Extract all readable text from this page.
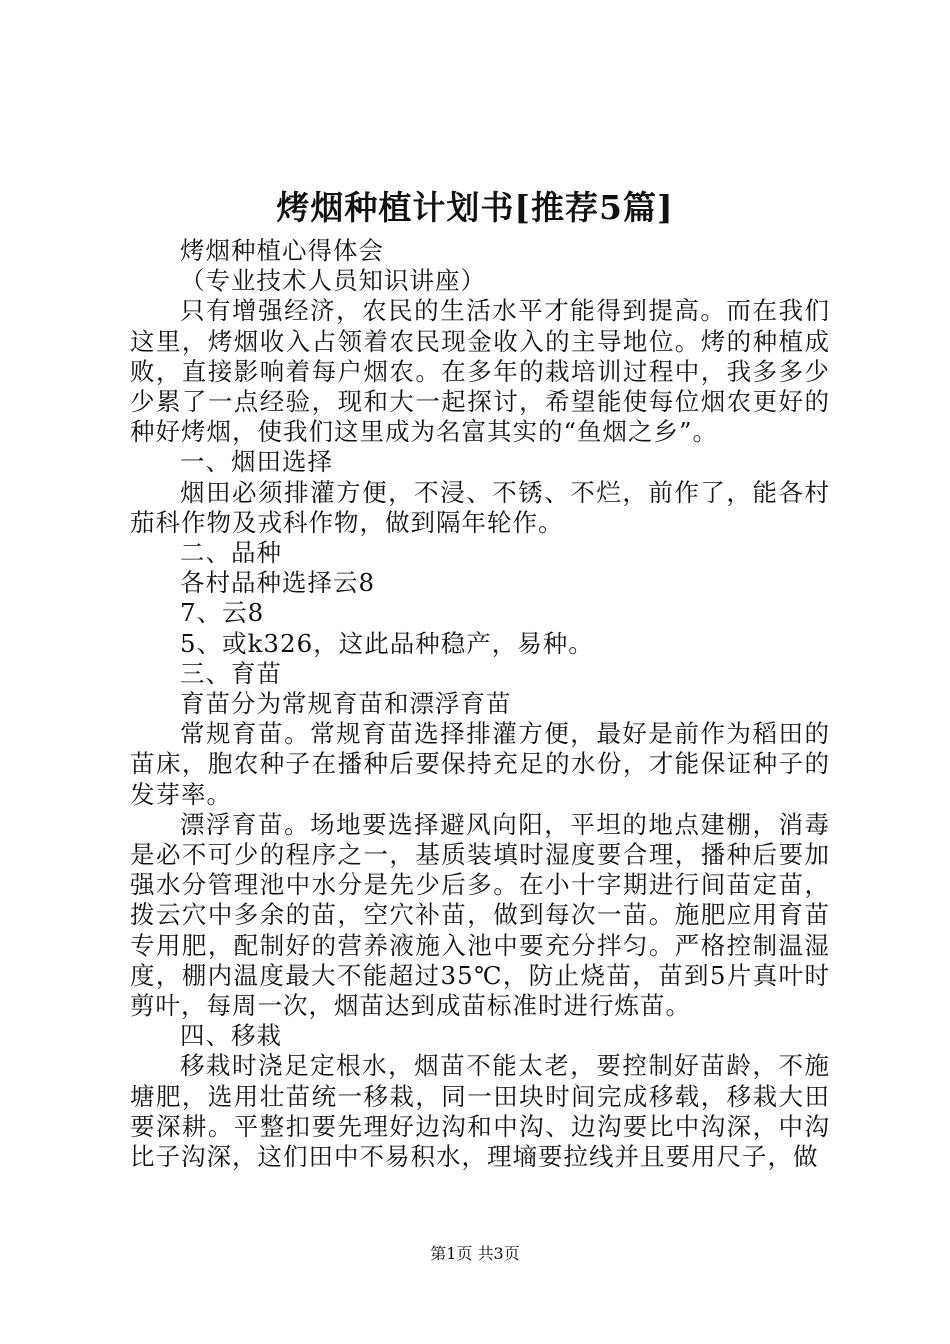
烤烟种植计划书[推荐5篇]

烤烟种植心得体会

（专业技术人员知识讲座）

只有增强经济，农民的生活水平才能得到提高。而在我们这里，烤烟收入占领着农民现金收入的主导地位。烤的种植成败，直接影响着每户烟农。在多年的栽培训过程中，我多多少少累了一点经验，现和大一起探讨，希望能使每位烟农更好的种好烤烟，使我们这里成为名富其实的“鱼烟之乡”。

一、烟田选择

烟田必须排灌方便，不浸、不锈、不烂，前作了，能各村茄科作物及戎科作物，做到隔年轮作。

二、品种

各村品种选择云8

7、云8

5、或k326，这此品种稳产，易种。

三、育苗

育苗分为常规育苗和漂浮育苗

常规育苗。常规育苗选择排灌方便，最好是前作为稻田的苗床，胞农种子在播种后要保持充足的水份，才能保证种子的发芽率。

漂浮育苗。场地要选择避风向阳，平坦的地点建棚，消毒是必不可少的程序之一，基质装填时湿度要合理，播种后要加强水分管理池中水分是先少后多。在小十字期进行间苗定苗，拨云穴中多余的苗，空穴补苗，做到每次一苗。施肥应用育苗专用肥，配制好的营养液施入池中要充分拌匀。严格控制温湿度，棚内温度最大不能超过35℃，防止烧苗，苗到5片真叶时剪叶，每周一次，烟苗达到成苗标准时进行炼苗。

四、移栽

移栽时浇足定根水，烟苗不能太老，要控制好苗龄，不施塘肥，选用壮苗统一移栽，同一田块时间完成移载，移栽大田要深耕。平整扣要先理好边沟和中沟、边沟要比中沟深，中沟比子沟深，这们田中不易积水，理墒要拉线并且要用尺子，做

第1页 共3页
